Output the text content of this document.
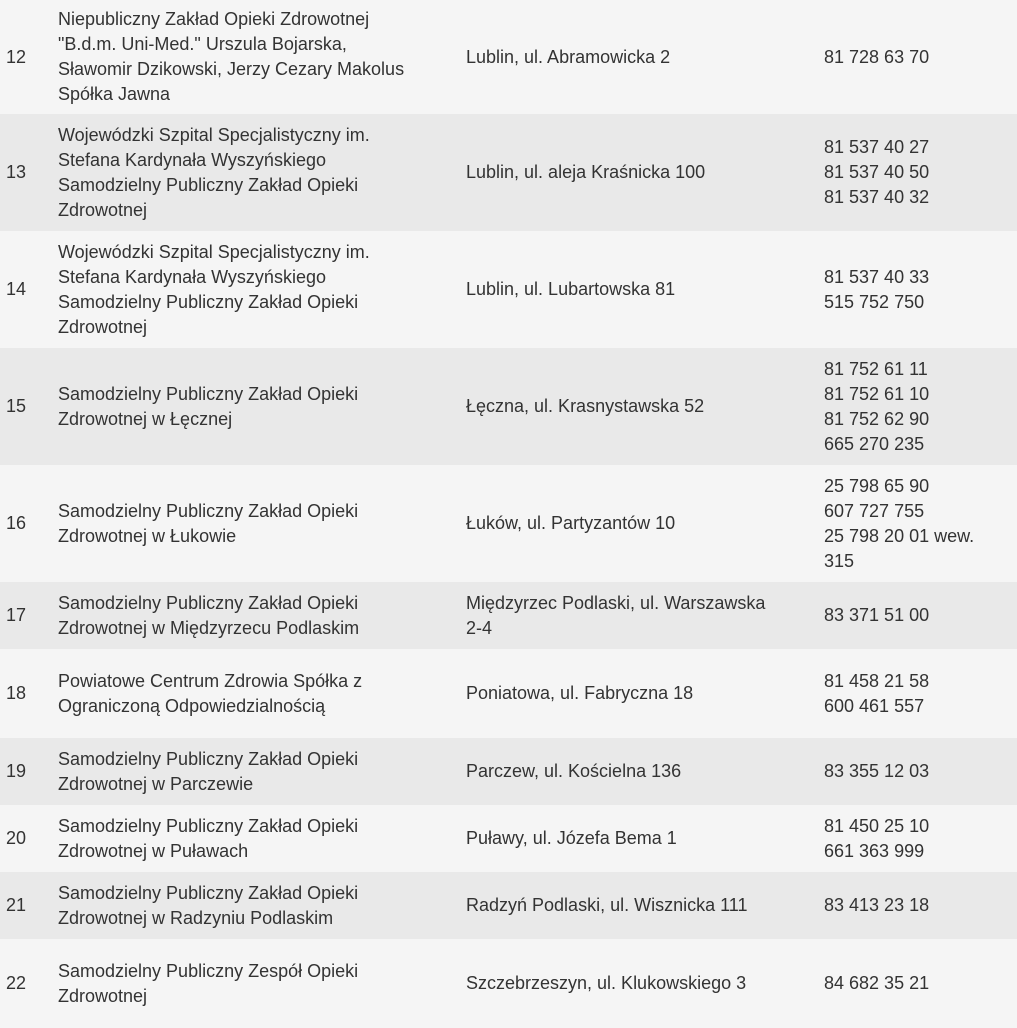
12	Niepubliczny Zakład Opieki Zdrowotnej
"B.d.m. Uni-Med." Urszula Bojarska,
Sławomir Dzikowski, Jerzy Cezary Makolus
Spółka Jawna	Lublin, ul. Abramowicka 2	81 728 63 70

13	Wojewódzki Szpital Specjalistyczny im.
Stefana Kardynała Wyszyńskiego
Samodzielny Publiczny Zakład Opieki
Zdrowotnej	Lublin, ul. aleja Kraśnicka 100	81 537 40 27
81 537 40 50
81 537 40 32

14	Wojewódzki Szpital Specjalistyczny im.
Stefana Kardynała Wyszyńskiego
Samodzielny Publiczny Zakład Opieki
Zdrowotnej	Lublin, ul. Lubartowska 81	81 537 40 33
515 752 750

15	Samodzielny Publiczny Zakład Opieki
Zdrowotnej w Łęcznej	Łęczna, ul. Krasnystawska 52	81 752 61 11
81 752 61 10
81 752 62 90
665 270 235

16	Samodzielny Publiczny Zakład Opieki
Zdrowotnej w Łukowie	Łuków, ul. Partyzantów 10	25 798 65 90
607 727 755
25 798 20 01 wew.
315

17	Samodzielny Publiczny Zakład Opieki
Zdrowotnej w Międzyrzecu Podlaskim	Międzyrzec Podlaski, ul. Warszawska
2-4	83 371 51 00

18	Powiatowe Centrum Zdrowia Spółka z
Ograniczoną Odpowiedzialnością	Poniatowa, ul. Fabryczna 18	81 458 21 58
600 461 557

19	Samodzielny Publiczny Zakład Opieki
Zdrowotnej w Parczewie	Parczew, ul. Kościelna 136	83 355 12 03

20	Samodzielny Publiczny Zakład Opieki
Zdrowotnej w Puławach	Puławy, ul. Józefa Bema 1	81 450 25 10
661 363 999

21	Samodzielny Publiczny Zakład Opieki
Zdrowotnej w Radzyniu Podlaskim	Radzyń Podlaski, ul. Wisznicka 111	83 413 23 18

22	Samodzielny Publiczny Zespół Opieki
Zdrowotnej	Szczebrzeszyn, ul. Klukowskiego 3	84 682 35 21
